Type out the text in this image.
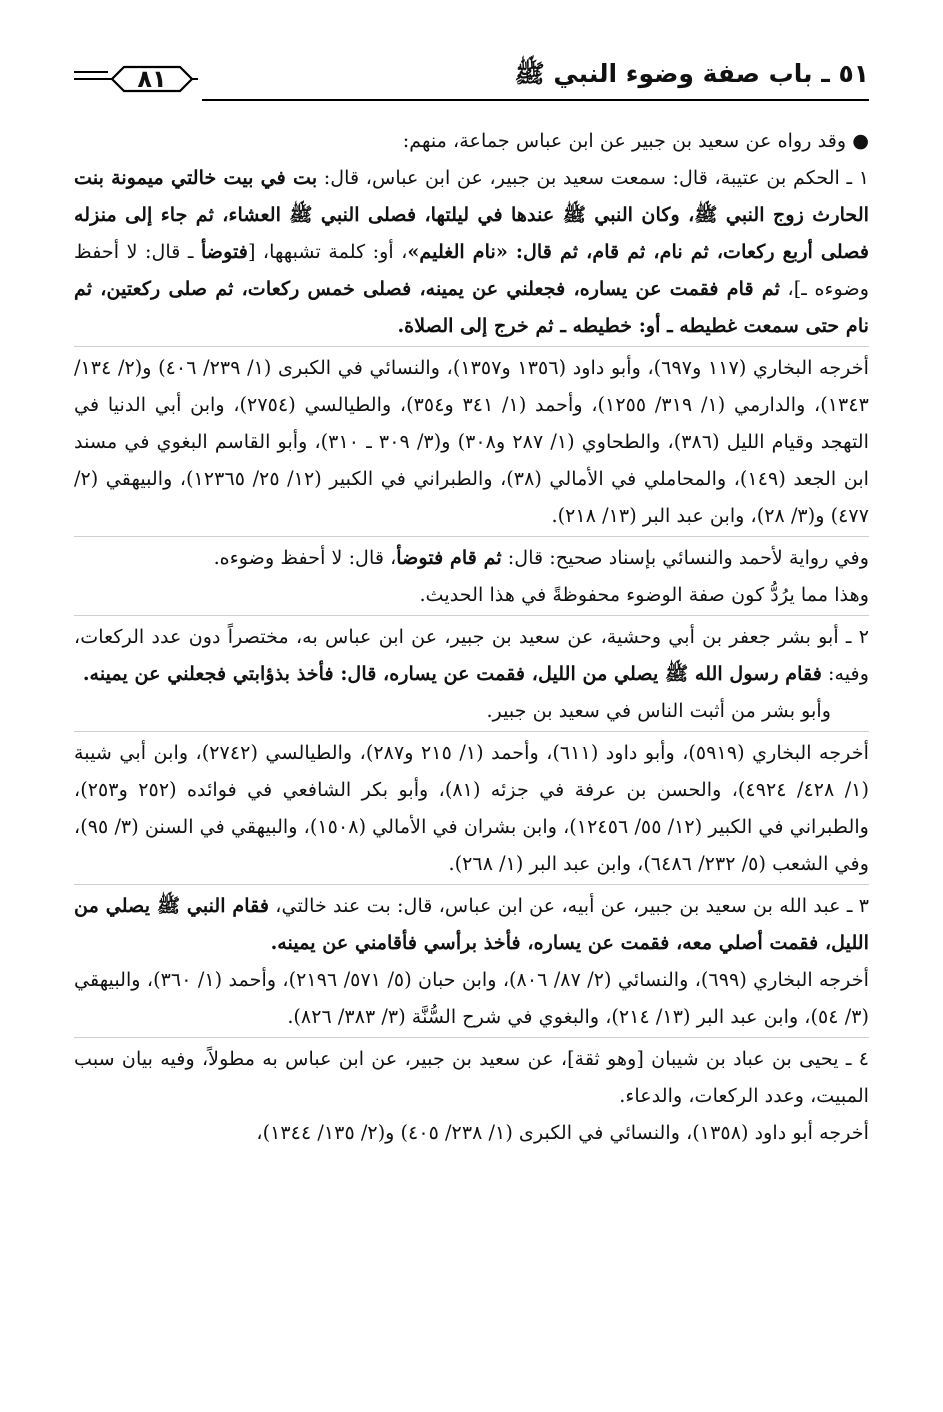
٥١ ـ باب صفة وضوء النبي ﷺ
٨١

● وقد رواه عن سعيد بن جبير عن ابن عباس جماعة، منهم:

١ ـ الحكم بن عتيبة، قال: سمعت سعيد بن جبير، عن ابن عباس، قال: بت في بيت خالتي ميمونة بنت الحارث زوج النبي ﷺ، وكان النبي ﷺ عندها في ليلتها، فصلى النبي ﷺ العشاء، ثم جاء إلى منزله فصلى أربع ركعات، ثم نام، ثم قام، ثم قال: «نام الغليم»، أو: كلمة تشبهها، [فتوضأ ـ قال: لا أحفظ وضوءه ـ]، ثم قام فقمت عن يساره، فجعلني عن يمينه، فصلى خمس ركعات، ثم صلى ركعتين، ثم نام حتى سمعت غطيطه ـ أو: خطيطه ـ ثم خرج إلى الصلاة.

أخرجه البخاري (١١٧ و٦٩٧)، وأبو داود (١٣٥٦ و١٣٥٧)، والنسائي في الكبرى (١/ ٢٣٩/ ٤٠٦) و(٢/ ١٣٤/ ١٣٤٣)، والدارمي (١/ ٣١٩/ ١٢٥٥)، وأحمد (١/ ٣٤١ و٣٥٤)، والطيالسي (٢٧٥٤)، وابن أبي الدنيا في التهجد وقيام الليل (٣٨٦)، والطحاوي (١/ ٢٨٧ و٣٠٨) و(٣/ ٣٠٩ ـ ٣١٠)، وأبو القاسم البغوي في مسند ابن الجعد (١٤٩)، والمحاملي في الأمالي (٣٨)، والطبراني في الكبير (١٢/ ٢٥/ ١٢٣٦٥)، والبيهقي (٢/ ٤٧٧) و(٣/ ٢٨)، وابن عبد البر (١٣/ ٢١٨).

وفي رواية لأحمد والنسائي بإسناد صحيح: قال: ثم قام فتوضأ، قال: لا أحفظ وضوءه.

وهذا مما يرُدُّ كون صفة الوضوء محفوظةً في هذا الحديث.

٢ ـ أبو بشر جعفر بن أبي وحشية، عن سعيد بن جبير، عن ابن عباس به، مختصراً دون عدد الركعات، وفيه: فقام رسول الله ﷺ يصلي من الليل، فقمت عن يساره، قال: فأخذ بذؤابتي فجعلني عن يمينه.

وأبو بشر من أثبت الناس في سعيد بن جبير.

أخرجه البخاري (٥٩١٩)، وأبو داود (٦١١)، وأحمد (١/ ٢١٥ و٢٨٧)، والطيالسي (٢٧٤٢)، وابن أبي شيبة (١/ ٤٢٨/ ٤٩٢٤)، والحسن بن عرفة في جزئه (٨١)، وأبو بكر الشافعي في فوائده (٢٥٢ و٢٥٣)، والطبراني في الكبير (١٢/ ٥٥/ ١٢٤٥٦)، وابن بشران في الأمالي (١٥٠٨)، والبيهقي في السنن (٣/ ٩٥)، وفي الشعب (٥/ ٢٣٢/ ٦٤٨٦)، وابن عبد البر (١/ ٢٦٨).

٣ ـ عبد الله بن سعيد بن جبير، عن أبيه، عن ابن عباس، قال: بت عند خالتي، فقام النبي ﷺ يصلي من الليل، فقمت أصلي معه، فقمت عن يساره، فأخذ برأسي فأقامني عن يمينه.

أخرجه البخاري (٦٩٩)، والنسائي (٢/ ٨٧/ ٨٠٦)، وابن حبان (٥/ ٥٧١/ ٢١٩٦)، وأحمد (١/ ٣٦٠)، والبيهقي (٣/ ٥٤)، وابن عبد البر (١٣/ ٢١٤)، والبغوي في شرح السُّنَّة (٣/ ٣٨٣/ ٨٢٦).

٤ ـ يحيى بن عباد بن شيبان [وهو ثقة]، عن سعيد بن جبير، عن ابن عباس به مطولاً، وفيه بيان سبب المبيت، وعدد الركعات، والدعاء.

أخرجه أبو داود (١٣٥٨)، والنسائي في الكبرى (١/ ٢٣٨/ ٤٠٥) و(٢/ ١٣٥/ ١٣٤٤)،
